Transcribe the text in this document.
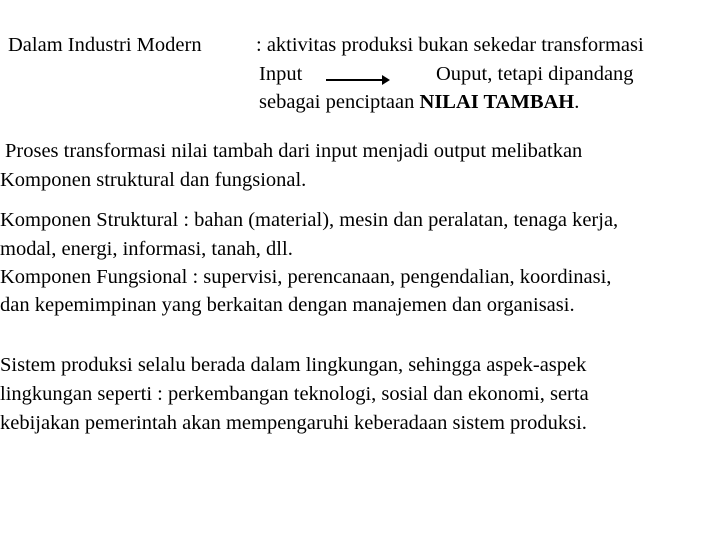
Dalam Industri Modern	: aktivitas produksi bukan sekedar transformasi
Input	Ouput, tetapi dipandang
sebagai penciptaan NILAI TAMBAH.
Proses transformasi nilai tambah dari input menjadi output melibatkan
Komponen struktural dan fungsional.
Komponen Struktural : bahan (material), mesin dan peralatan, tenaga kerja,
modal, energi, informasi, tanah, dll.
Komponen Fungsional : supervisi, perencanaan, pengendalian, koordinasi,
dan kepemimpinan yang berkaitan dengan manajemen dan organisasi.
Sistem produksi selalu berada dalam lingkungan, sehingga aspek-aspek
lingkungan seperti : perkembangan teknologi, sosial dan ekonomi, serta
kebijakan pemerintah akan mempengaruhi keberadaan sistem produksi.
